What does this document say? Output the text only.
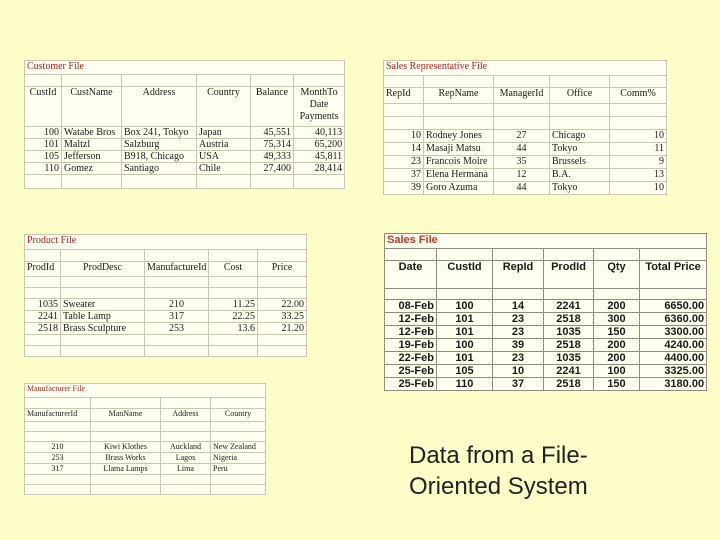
Customer File					

CustId	CustName	Address	Country	Balance	MonthTo Date Payments
100	Watabe Bros	Box 241, Tokyo	Japan	45,551	40,113
101	Maltzl	Salzburg	Austria	75,314	65,200
105	Jefferson	B918, Chicago	USA	49,333	45,811
110	Gomez	Santiago	Chile	27,400	28,414

Sales Representative File				

RepId	RepName	ManagerId	Office	Comm%

10	Rodney Jones	27	Chicago	10
14	Masaji Matsu	44	Tokyo	11
23	Francois Moire	35	Brussels	9
37	Elena Hermana	12	B.A.	13
39	Goro Azuma	44	Tokyo	10
Product File				

ProdId	ProdDesc	ManufactureId	Cost	Price

1035	Sweater	210	11.25	22.00
2241	Table Lamp	317	22.25	33.25
2518	Brass Sculpture	253	13.6	21.20

Manufacturer File			

ManufacturerId	ManName	Address	Country

210	Kiwi Klothes	Auckland	New Zealand
253	Brass Works	Lagos	Nigeria
317	Llama Lamps	Lima	Peru

Sales File					

Date	CustId	RepId	ProdId	Qty	Total Price

08-Feb	100	14	2241	200	6650.00
12-Feb	101	23	2518	300	6360.00
12-Feb	101	23	1035	150	3300.00
19-Feb	100	39	2518	200	4240.00
22-Feb	101	23	1035	200	4400.00
25-Feb	105	10	2241	100	3325.00
25-Feb	110	37	2518	150	3180.00
Data from a File-
Oriented System
